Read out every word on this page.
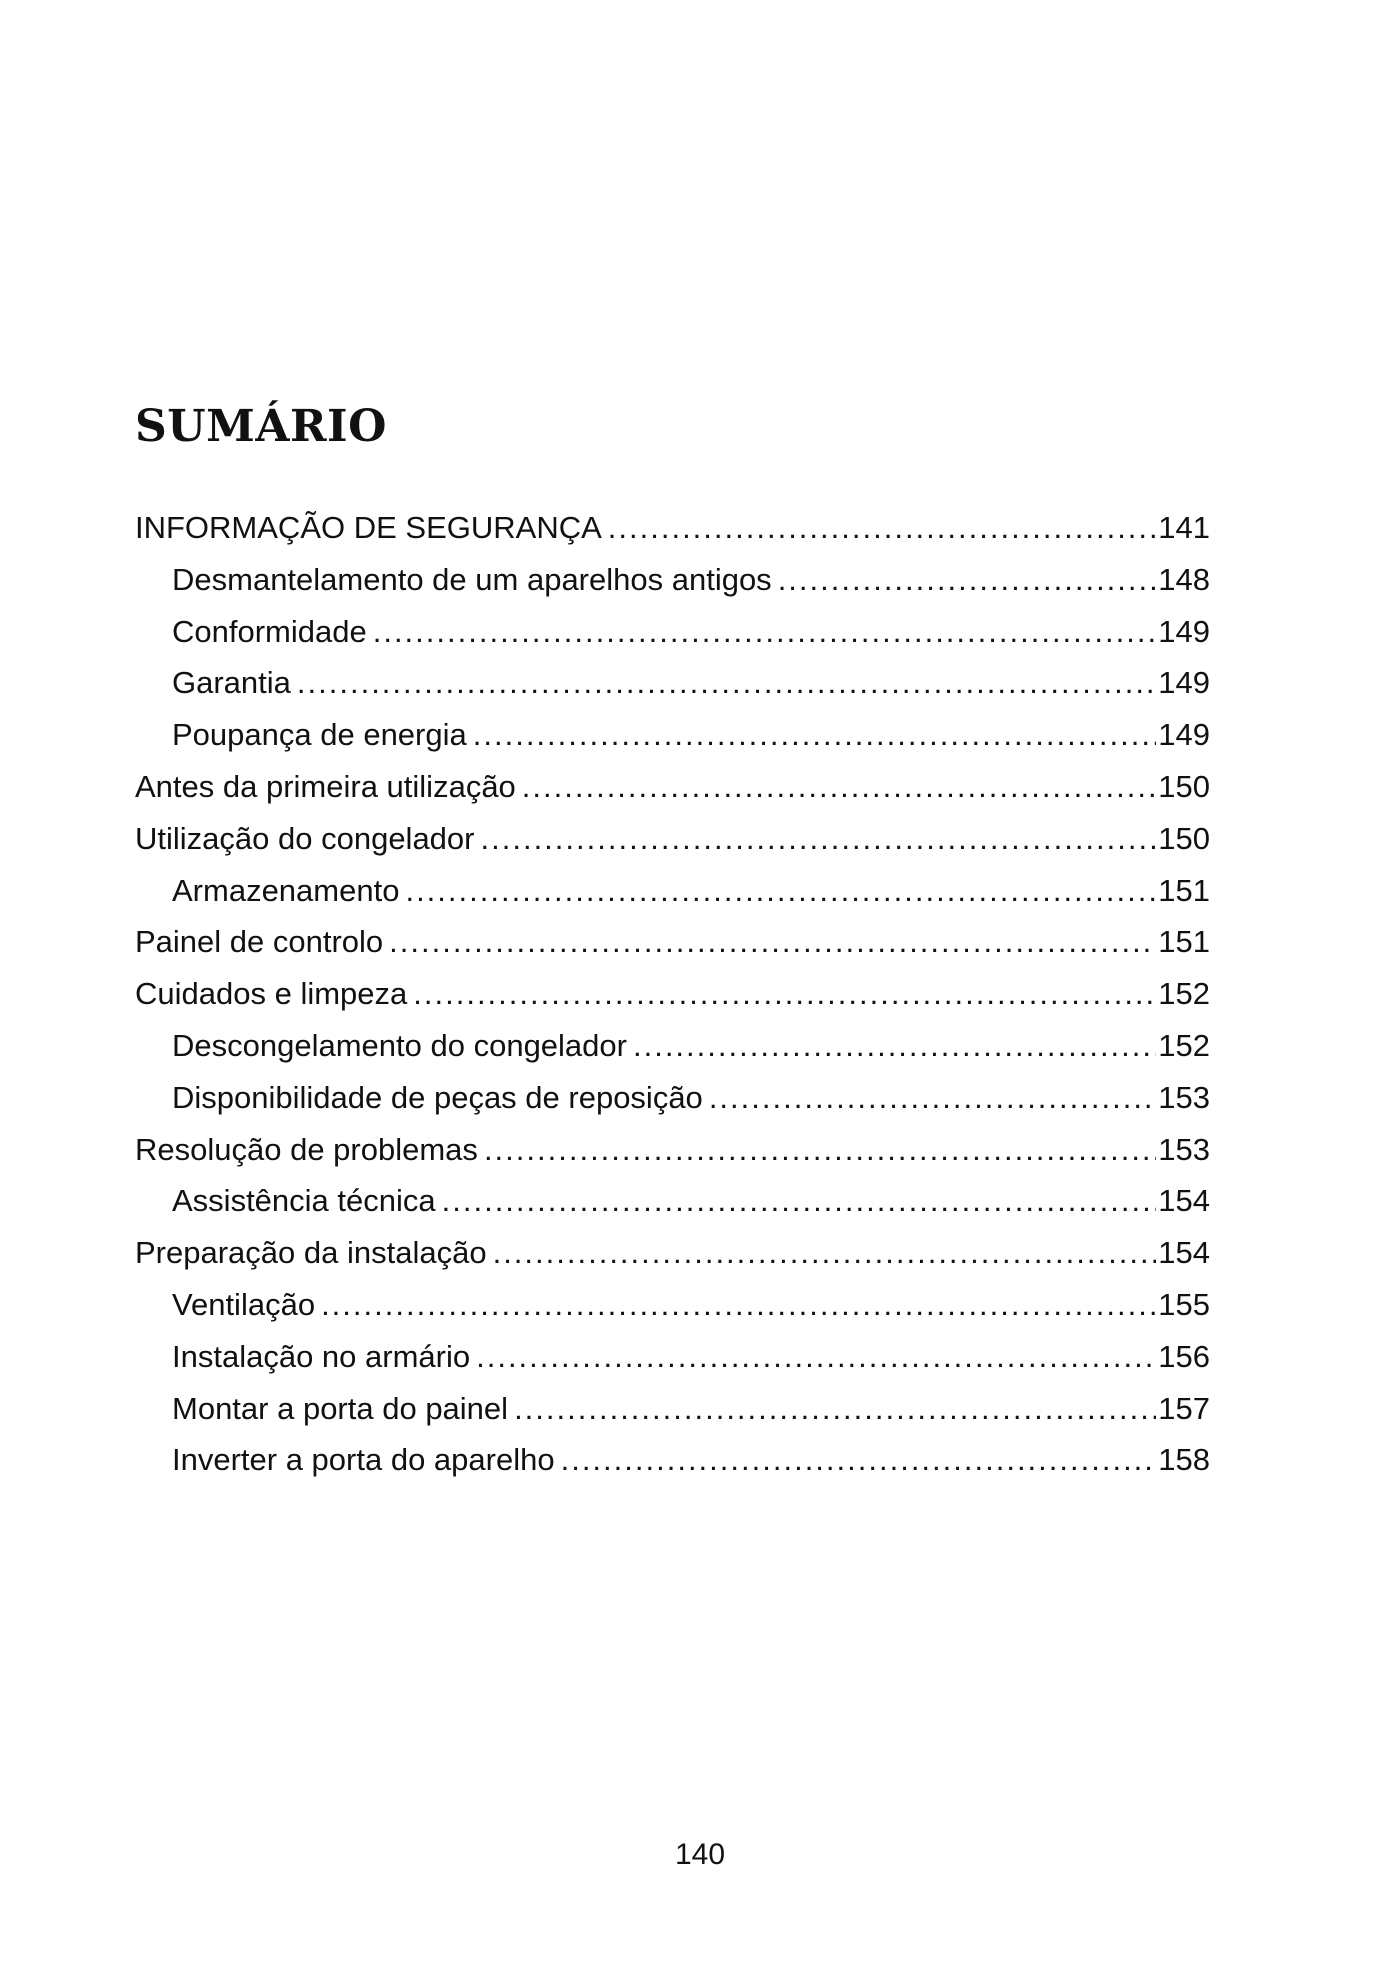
SUMÁRIO
INFORMAÇÃO DE SEGURANÇA .....	141
Desmantelamento de um aparelhos antigos .....	148
Conformidade .....	149
Garantia .....	149
Poupança de energia .....	149
Antes da primeira utilização .....	150
Utilização do congelador .....	150
Armazenamento .....	151
Painel de controlo .....	151
Cuidados e limpeza .....	152
Descongelamento do congelador .....	152
Disponibilidade de peças de reposição .....	153
Resolução de problemas .....	153
Assistência técnica .....	154
Preparação da instalação .....	154
Ventilação .....	155
Instalação no armário .....	156
Montar a porta do painel .....	157
Inverter a porta do aparelho .....	158

140
